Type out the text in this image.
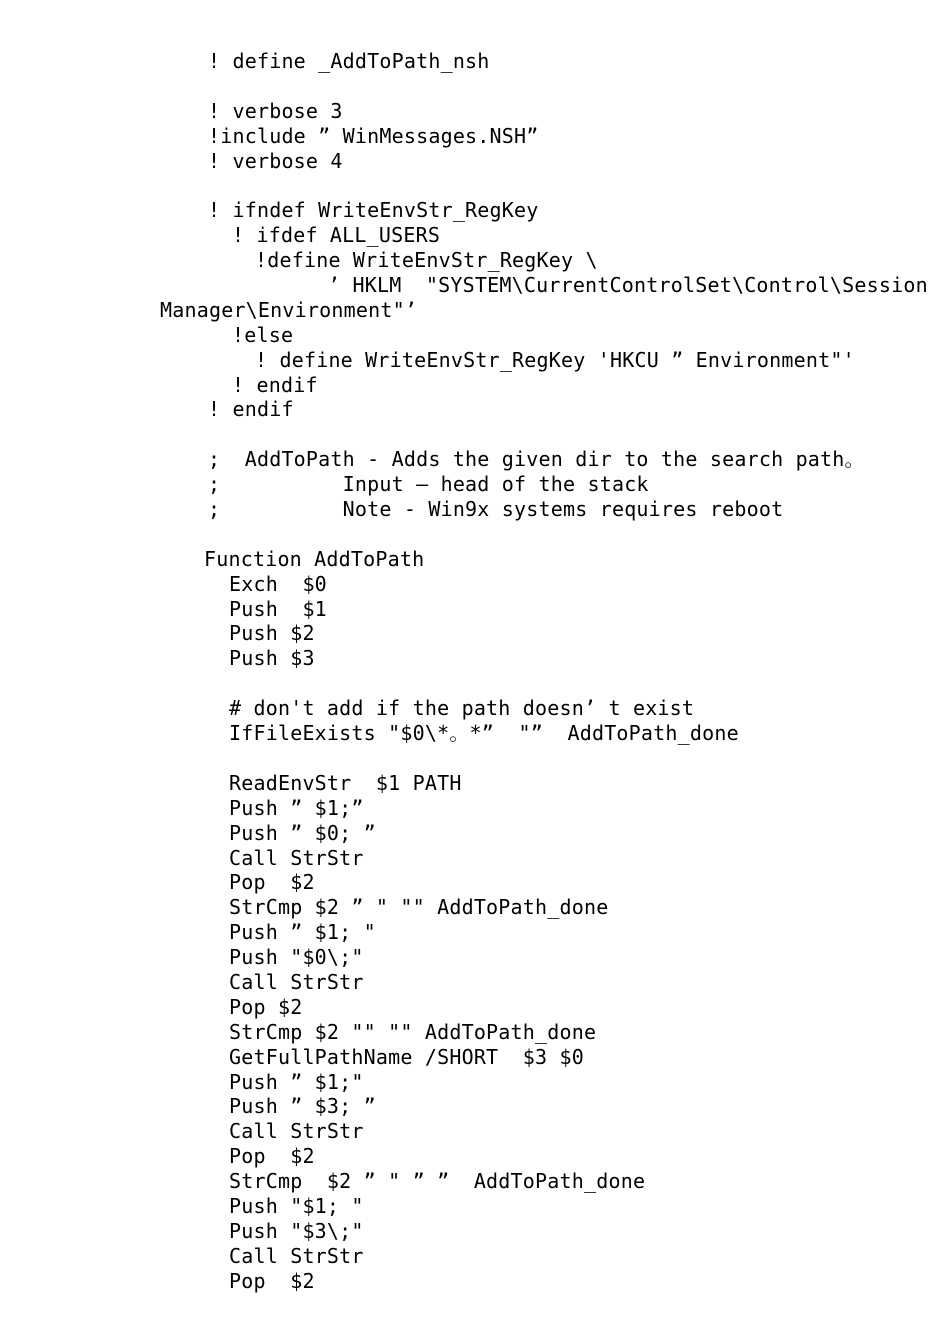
! define _AddToPath_nsh
! verbose 3
!include ” WinMessages.NSH”
! verbose 4
! ifndef WriteEnvStr_RegKey
! ifdef ALL_USERS
!define WriteEnvStr_RegKey \
’ HKLM  "SYSTEM\CurrentControlSet\Control\Session
Manager\Environment"’
!else
! define WriteEnvStr_RegKey 'HKCU ” Environment"'
! endif
! endif
;  AddToPath - Adds the given dir to the search path。
;          Input — head of the stack
;          Note - Win9x systems requires reboot
Function AddToPath
Exch  $0
Push  $1
Push $2
Push $3
# don't add if the path doesn’ t exist
IfFileExists "$0\*。*”  "”  AddToPath_done
ReadEnvStr  $1 PATH
Push ” $1;”
Push ” $0; ”
Call StrStr
Pop  $2
StrCmp $2 ” " "" AddToPath_done
Push ” $1; "
Push "$0\;"
Call StrStr
Pop $2
StrCmp $2 "" "" AddToPath_done
GetFullPathName /SHORT  $3 $0
Push ” $1;"
Push ” $3; ”
Call StrStr
Pop  $2
StrCmp  $2 ” " ” ”  AddToPath_done
Push "$1; "
Push "$3\;"
Call StrStr
Pop  $2
